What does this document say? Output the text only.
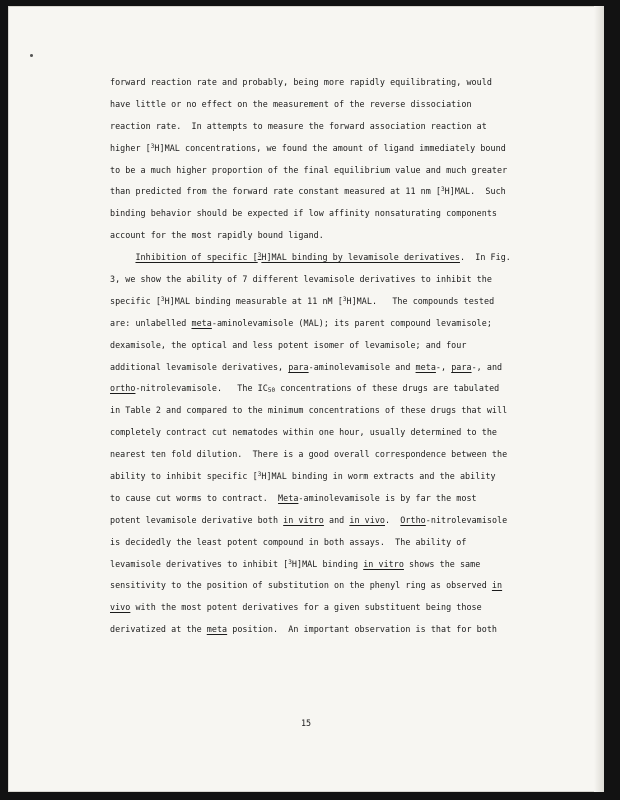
forward reaction rate and probably, being more rapidly equilibrating, would
have little or no effect on the measurement of the reverse dissociation
reaction rate.  In attempts to measure the forward association reaction at
higher [$^3$H]MAL concentrations, we found the amount of ligand immediately bound
to be a much higher proportion of the final equilibrium value and much greater
than predicted from the forward rate constant measured at 11 nm [$^3$H]MAL.  Such
binding behavior should be expected if low affinity nonsaturating components
account for the most rapidly bound ligand.
Inhibition of specific [$^3$H]MAL binding by levamisole derivatives.  In Fig.
3, we show the ability of 7 different levamisole derivatives to inhibit the
specific [$^3$H]MAL binding measurable at 11 nM [$^3$H]MAL.   The compounds tested
are: unlabelled meta-aminolevamisole (MAL); its parent compound levamisole;
dexamisole, the optical and less potent isomer of levamisole; and four
additional levamisole derivatives, para-aminolevamisole and meta-, para-, and
ortho-nitrolevamisole.   The $IC_{50}$ concentrations of these drugs are tabulated
in Table 2 and compared to the minimum concentrations of these drugs that will
completely contract cut nematodes within one hour, usually determined to the
nearest ten fold dilution.  There is a good overall correspondence between the
ability to inhibit specific [$^3$H]MAL binding in worm extracts and the ability
to cause cut worms to contract.  Meta-aminolevamisole is by far the most
potent levamisole derivative both in vitro and in vivo.  Ortho-nitrolevamisole
is decidedly the least potent compound in both assays.  The ability of
levamisole derivatives to inhibit [$^3$H]MAL binding in vitro shows the same
sensitivity to the position of substitution on the phenyl ring as observed in
vivo with the most potent derivatives for a given substituent being those
derivatized at the meta position.  An important observation is that for both
15
